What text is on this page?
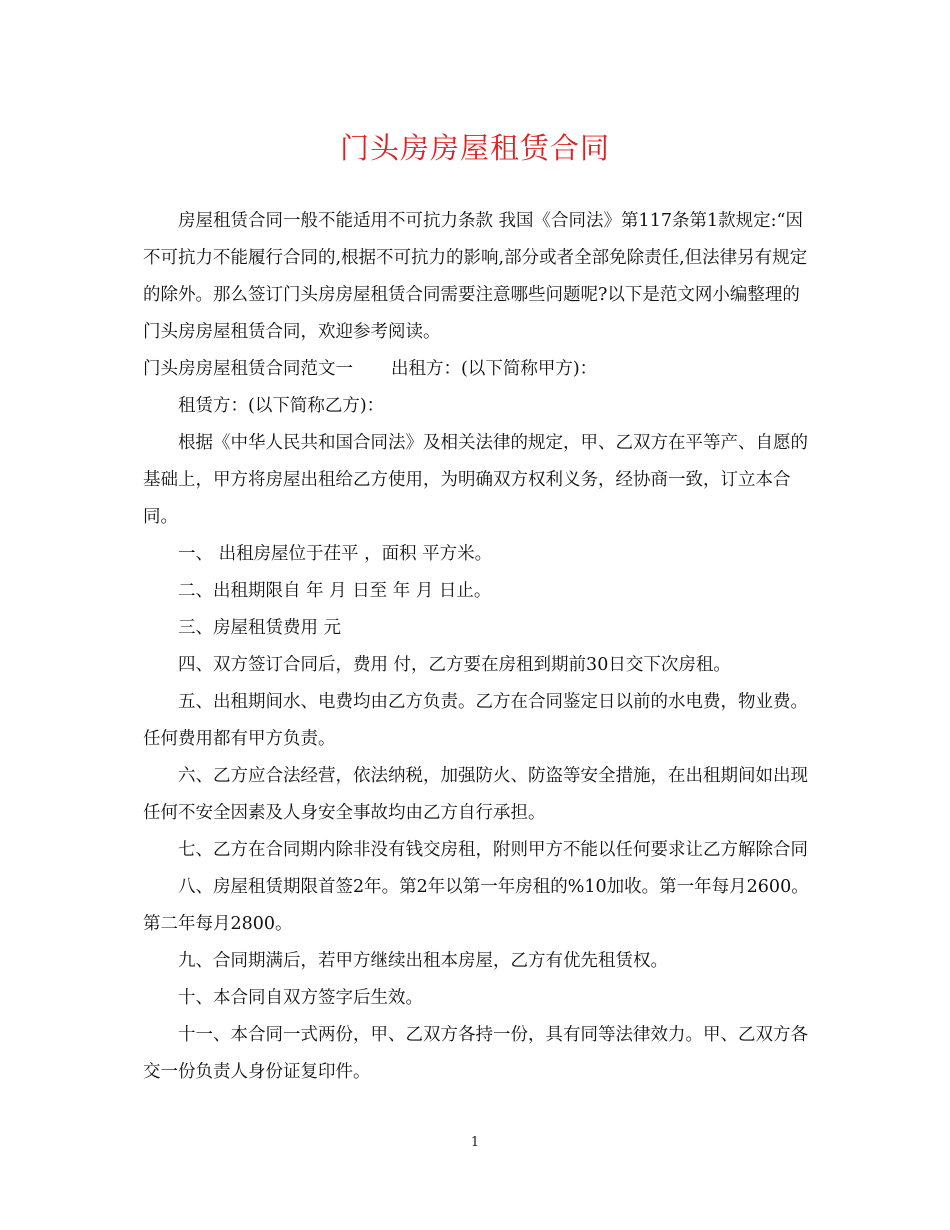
门头房房屋租赁合同

房屋租赁合同一般不能适用不可抗力条款 我国《合同法》第117条第1款规定:“因不可抗力不能履行合同的,根据不可抗力的影响,部分或者全部免除责任,但法律另有规定的除外。那么签订门头房房屋租赁合同需要注意哪些问题呢?以下是范文网小编整理的门头房房屋租赁合同，欢迎参考阅读。

门头房房屋租赁合同范文一 出租方：(以下简称甲方)：

租赁方：(以下简称乙方)：

根据《中华人民共和国合同法》及相关法律的规定，甲、乙双方在平等产、自愿的基础上，甲方将房屋出租给乙方使用，为明确双方权利义务，经协商一致，订立本合同。

一、 出租房屋位于茌平 ，面积 平方米。

二、出租期限自 年 月 日至 年 月 日止。

三、房屋租赁费用 元

四、双方签订合同后，费用 付，乙方要在房租到期前30日交下次房租。

五、出租期间水、电费均由乙方负责。乙方在合同鉴定日以前的水电费，物业费。任何费用都有甲方负责。

六、乙方应合法经营，依法纳税，加强防火、防盗等安全措施，在出租期间如出现任何不安全因素及人身安全事故均由乙方自行承担。

七、乙方在合同期内除非没有钱交房租，附则甲方不能以任何要求让乙方解除合同

八、房屋租赁期限首签2年。第2年以第一年房租的%10加收。第一年每月2600。第二年每月2800。

九、合同期满后，若甲方继续出租本房屋，乙方有优先租赁权。

十、本合同自双方签字后生效。

十一、本合同一式两份，甲、乙双方各持一份，具有同等法律效力。甲、乙双方各交一份负责人身份证复印件。

1
